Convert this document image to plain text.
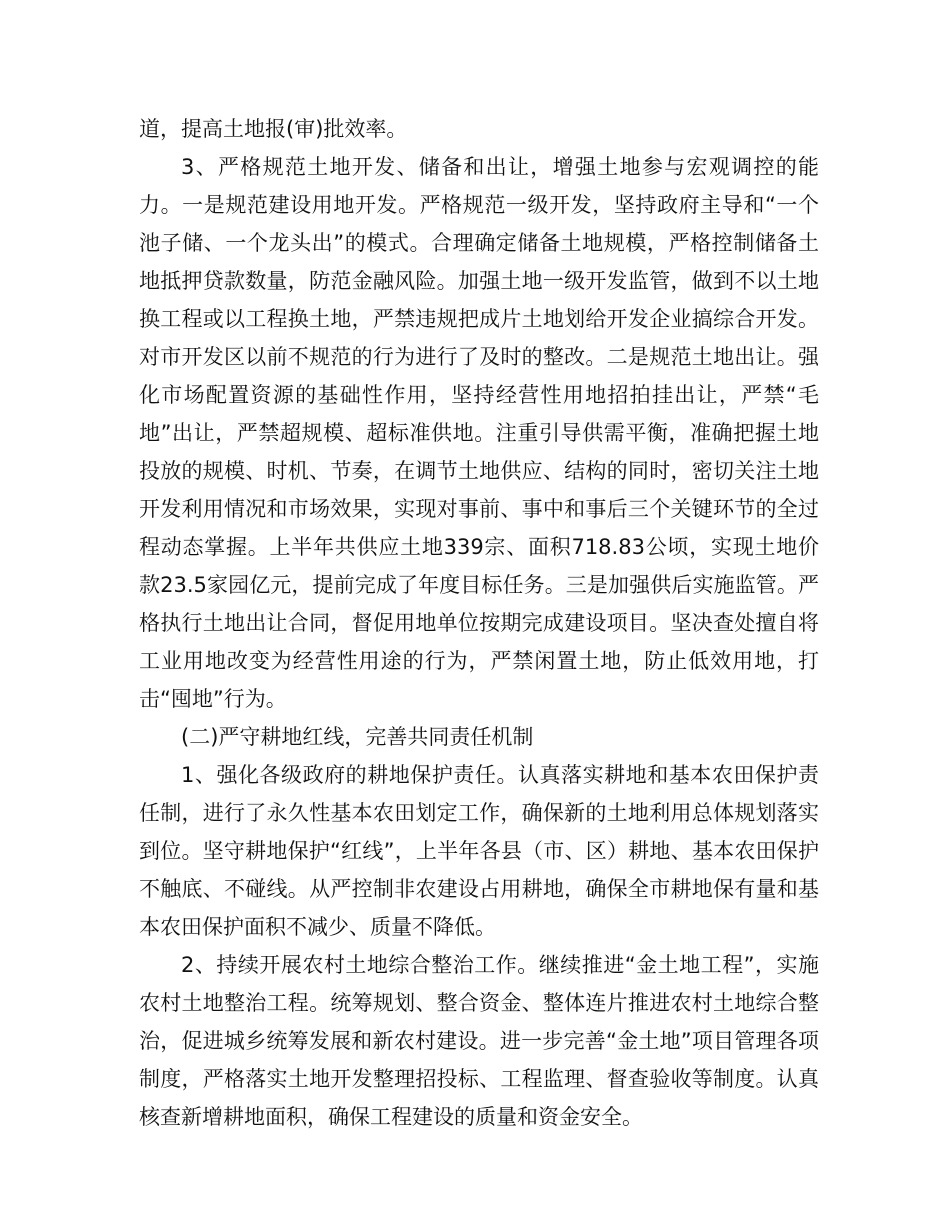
道，提高土地报(审)批效率。

3、严格规范土地开发、储备和出让，增强土地参与宏观调控的能力。一是规范建设用地开发。严格规范一级开发，坚持政府主导和“一个池子储、一个龙头出”的模式。合理确定储备土地规模，严格控制储备土地抵押贷款数量，防范金融风险。加强土地一级开发监管，做到不以土地换工程或以工程换土地，严禁违规把成片土地划给开发企业搞综合开发。对市开发区以前不规范的行为进行了及时的整改。二是规范土地出让。强化市场配置资源的基础性作用，坚持经营性用地招拍挂出让，严禁“毛地”出让，严禁超规模、超标准供地。注重引导供需平衡，准确把握土地投放的规模、时机、节奏，在调节土地供应、结构的同时，密切关注土地开发利用情况和市场效果，实现对事前、事中和事后三个关键环节的全过程动态掌握。上半年共供应土地339宗、面积718.83公顷，实现土地价款23.5家园亿元，提前完成了年度目标任务。三是加强供后实施监管。严格执行土地出让合同，督促用地单位按期完成建设项目。坚决查处擅自将工业用地改变为经营性用途的行为，严禁闲置土地，防止低效用地，打击“囤地”行为。

(二)严守耕地红线，完善共同责任机制

1、强化各级政府的耕地保护责任。认真落实耕地和基本农田保护责任制，进行了永久性基本农田划定工作，确保新的土地利用总体规划落实到位。坚守耕地保护“红线”，上半年各县（市、区）耕地、基本农田保护不触底、不碰线。从严控制非农建设占用耕地，确保全市耕地保有量和基本农田保护面积不减少、质量不降低。

2、持续开展农村土地综合整治工作。继续推进“金土地工程”，实施农村土地整治工程。统筹规划、整合资金、整体连片推进农村土地综合整治，促进城乡统筹发展和新农村建设。进一步完善“金土地”项目管理各项制度，严格落实土地开发整理招投标、工程监理、督查验收等制度。认真核查新增耕地面积，确保工程建设的质量和资金安全。
